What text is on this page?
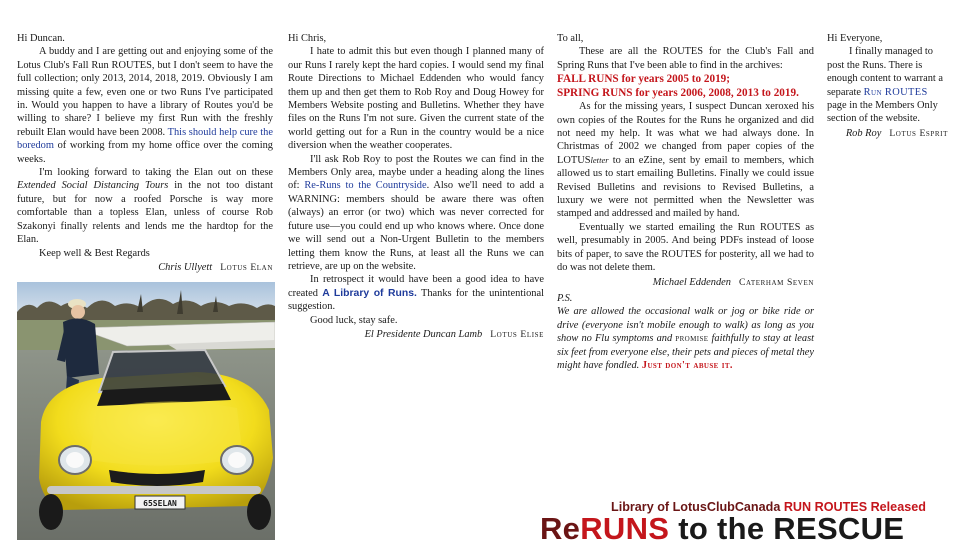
Hi Duncan.

A buddy and I are getting out and enjoying some of the Lotus Club's Fall Run ROUTES, but I don't seem to have the full collection; only 2013, 2014, 2018, 2019. Obviously I am missing quite a few, even one or two Runs I've participated in. Would you happen to have a library of Routes you'd be willing to share? I believe my first Run with the freshly rebuilt Elan would have been 2008. This should help cure the boredom of working from my home office over the coming weeks.

I'm looking forward to taking the Elan out on these Extended Social Distancing Tours in the not too distant future, but for now a roofed Porsche is way more comfortable than a topless Elan, unless of course Rob Szakonyi finally relents and lends me the hardtop for the Elan.

Keep well & Best Regards

Chris Ullyett Lotus Elan

65SELAN

Hi Chris,

I hate to admit this but even though I planned many of our Runs I rarely kept the hard copies. I would send my final Route Directions to Michael Eddenden who would fancy them up and then get them to Rob Roy and Doug Howey for Members Website posting and Bulletins. Whether they have files on the Runs I'm not sure. Given the current state of the world getting out for a Run in the country would be a nice diversion when the weather cooperates.

I'll ask Rob Roy to post the Routes we can find in the Members Only area, maybe under a heading along the lines of: Re-Runs to the Countryside. Also we'll need to add a WARNING: members should be aware there was often (always) an error (or two) which was never corrected for future use—you could end up who knows where. Once done we will send out a Non-Urgent Bulletin to the members letting them know the Runs, at least all the Runs we can retrieve, are up on the website.

In retrospect it would have been a good idea to have created A Library of Runs. Thanks for the unintentional suggestion.

Good luck, stay safe.

El Presidente Duncan Lamb Lotus Elise

To all,

These are all the ROUTES for the Club's Fall and Spring Runs that I've been able to find in the archives:

FALL RUNS for years 2005 to 2019;

SPRING RUNS for years 2006, 2008, 2013 to 2019.

As for the missing years, I suspect Duncan xeroxed his own copies of the Routes for the Runs he organized and did not need my help. It was what we had always done. In Christmas of 2002 we changed from paper copies of the LOTUSletter to an eZine, sent by email to members, which allowed us to start emailing Bulletins. Finally we could issue Revised Bulletins and revisions to Revised Bulletins, a luxury we were not permitted when the Newsletter was stamped and addressed and mailed by hand.

Eventually we started emailing the Run ROUTES as well, presumably in 2005. And being PDFs instead of loose bits of paper, to save the ROUTES for posterity, all we had to do was not delete them.

Michael Eddenden Caterham Seven

P.S.

We are allowed the occasional walk or jog or bike ride or drive (everyone isn't mobile enough to walk) as long as you show no Flu symptoms and promise faithfully to stay at least six feet from everyone else, their pets and pieces of metal they might have fondled. Just don't abuse it.

Hi Everyone,

I finally managed to post the Runs. There is enough content to warrant a separate Run ROUTES page in the Members Only section of the website.

Rob Roy Lotus Esprit

Library of LotusClubCanada RUN ROUTES Released
ReRUNS to the RESCUE
